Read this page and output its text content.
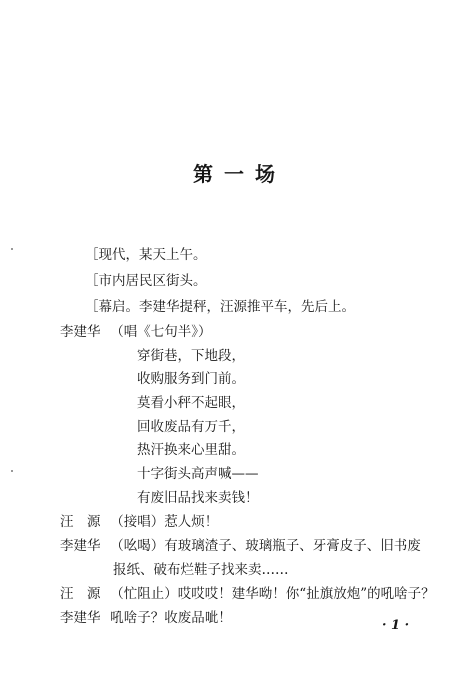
第 一 场
［现代，某天上午。
［市内居民区街头。
［幕启。李建华提秤，汪源推平车，先后上。
李建华 （唱《七句半》）
穿街巷，下地段，
收购服务到门前。
莫看小秤不起眼，
回收废品有万千，
热汗换来心里甜。
十字街头高声喊——
有废旧品找来卖钱！
汪　源 （接唱）惹人烦！
李建华 （吆喝）有玻璃渣子、玻璃瓶子、牙膏皮子、旧书废
报纸、破布烂鞋子找来卖……
汪　源 （忙阻止）哎哎哎！建华呦！你“扯旗放炮”的吼啥子？
李建华 吼啥子？收废品呲！	· 1 ·
